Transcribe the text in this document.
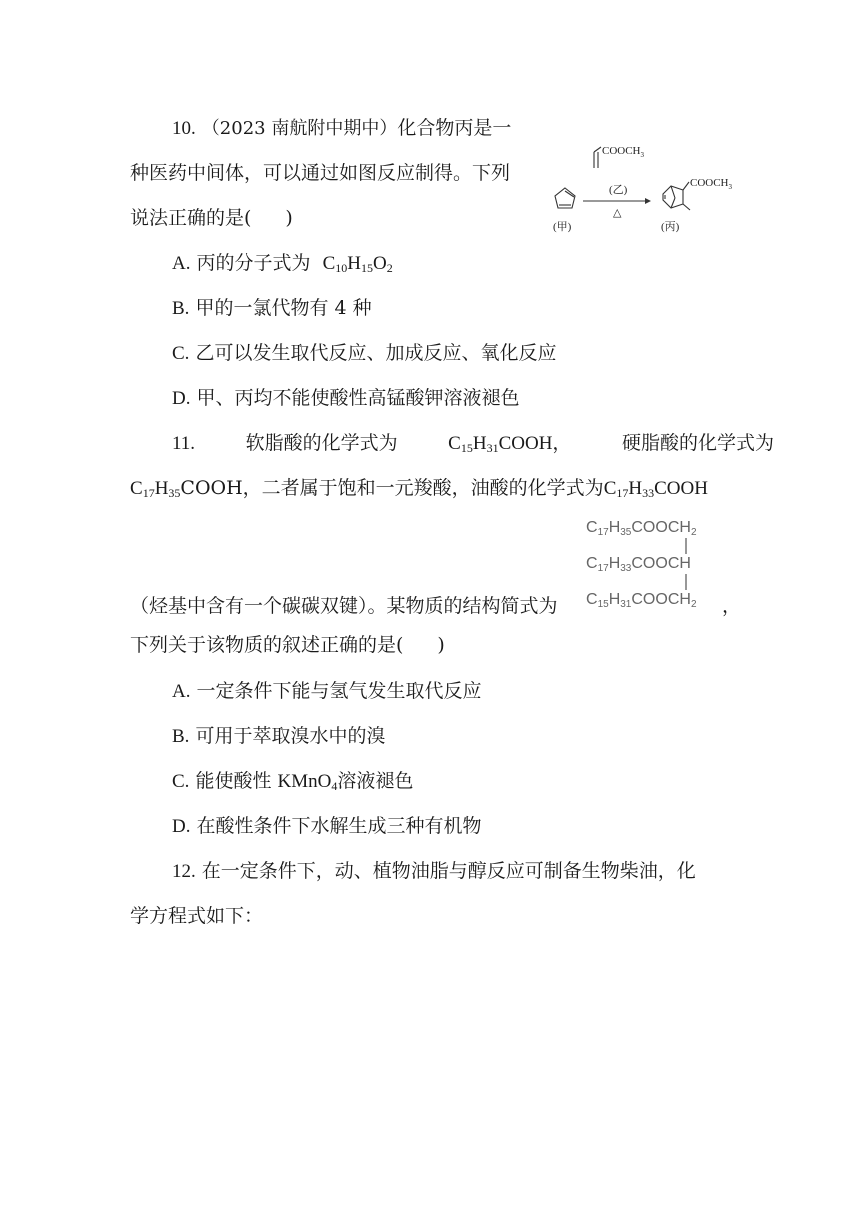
10. （2023 南航附中期中）化合物丙是一
种医药中间体，可以通过如图反应制得。下列
说法正确的是( )
$COOCH_3$
(甲)
(乙)
△
$COOCH_3$
(丙)
A. 丙的分子式为 $C_{10}H_{15}O_2$
B. 甲的一氯代物有 4 种
C. 乙可以发生取代反应、加成反应、氧化反应
D. 甲、丙均不能使酸性高锰酸钾溶液褪色
11.	软脂酸的化学式为	$C_{15}H_{31}COOH$，	硬脂酸的化学式为
$C_{17}H_{35}COOH$，二者属于饱和一元羧酸，油酸的化学式为$C_{17}H_{33}COOH$
C17H35COOCH2
C17H33COOCH
C15H31COOCH2
（烃基中含有一个碳碳双键）。某物质的结构简式为	，
下列关于该物质的叙述正确的是( )
A. 一定条件下能与氢气发生取代反应
B. 可用于萃取溴水中的溴
C. 能使酸性 KMnO$_4$溶液褪色
D. 在酸性条件下水解生成三种有机物
12. 在一定条件下，动、植物油脂与醇反应可制备生物柴油，化
学方程式如下：
